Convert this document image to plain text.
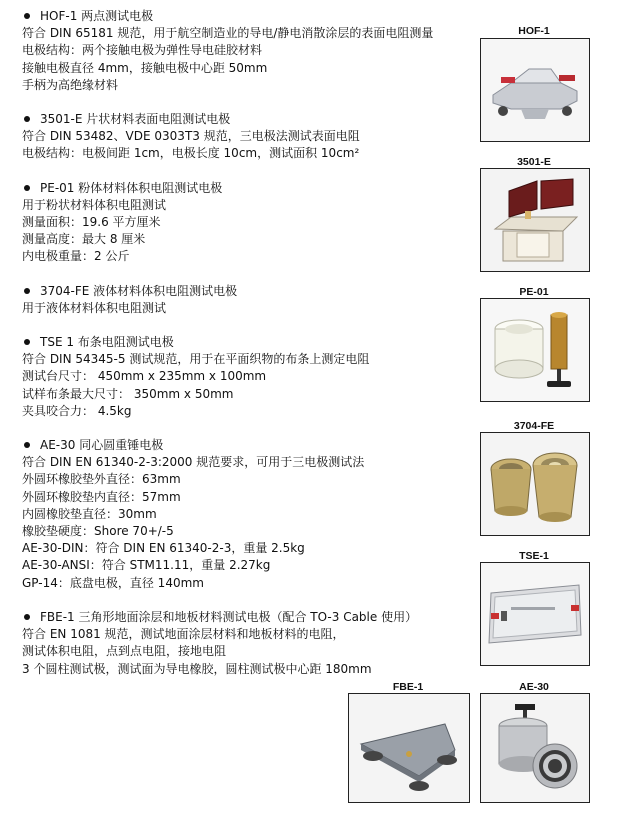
HOF-1 两点测试电极
符合 DIN 65181 规范，用于航空制造业的导电/静电消散涂层的表面电阻测量
电极结构：两个接触电极为弹性导电硅胶材料
接触电极直径 4mm，接触电极中心距 50mm
手柄为高绝缘材料
3501-E 片状材料表面电阻测试电极
符合 DIN 53482、VDE 0303T3 规范，三电极法测试表面电阻
电极结构：电极间距 1cm，电极长度 10cm，测试面积 10cm²
PE-01 粉体材料体积电阻测试电极
用于粉状材料体积电阻测试
测量面积：19.6 平方厘米
测量高度：最大 8 厘米
内电极重量：2 公斤
3704-FE 液体材料体积电阻测试电极
用于液体材料体积电阻测试
TSE 1 布条电阻测试电极
符合 DIN 54345-5 测试规范，用于在平面织物的布条上测定电阻
测试台尺寸： 450mm x 235mm x 100mm
试样布条最大尺寸： 350mm x 50mm
夹具咬合力： 4.5kg
AE-30 同心圆重锤电极
符合 DIN EN 61340-2-3:2000 规范要求，可用于三电极测试法
外圆环橡胶垫外直径：63mm
外圆环橡胶垫内直径：57mm
内圆橡胶垫直径：30mm
橡胶垫硬度：Shore 70+/-5
AE-30-DIN：符合 DIN EN 61340-2-3，重量 2.5kg
AE-30-ANSI：符合 STM11.11，重量 2.27kg
GP-14：底盘电极，直径 140mm
FBE-1 三角形地面涂层和地板材料测试电极（配合 TO-3 Cable 使用）
符合 EN 1081 规范，测试地面涂层材料和地板材料的电阻，
测试体积电阻，点到点电阻，接地电阻
3 个圆柱测试极，测试面为导电橡胶，圆柱测试极中心距 180mm
HOF-1
3501-E
PE-01
3704-FE
TSE-1
FBE-1	AE-30
